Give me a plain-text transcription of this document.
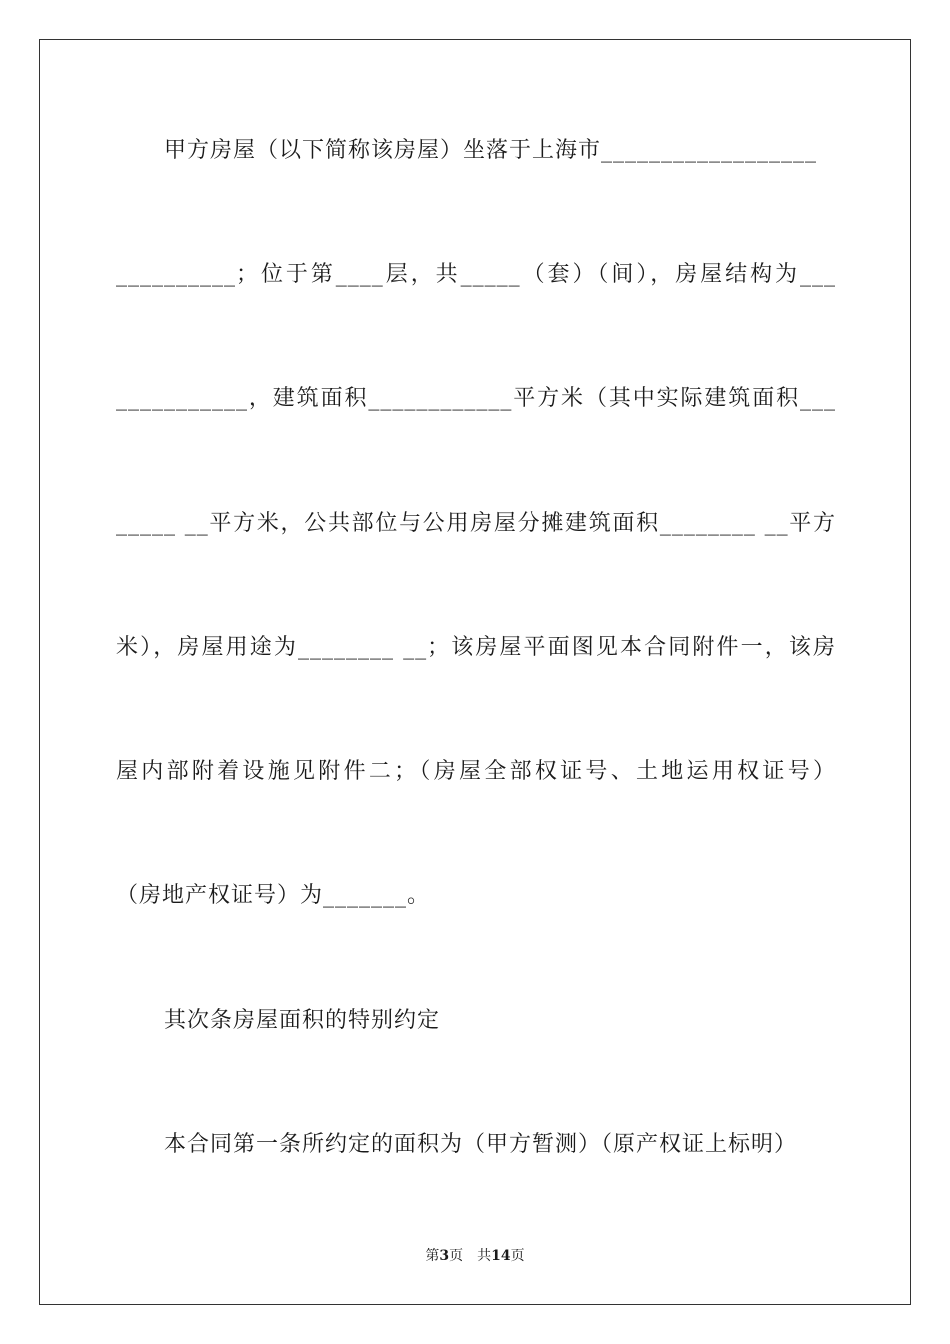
甲方房屋（以下简称该房屋）坐落于上海市__________________
__________；位于第____层，共_____（套）（间），房屋结构为___
___________，建筑面积____________平方米（其中实际建筑面积___
_____ __平方米，公共部位与公用房屋分摊建筑面积________ __平方
米），房屋用途为________ __；该房屋平面图见本合同附件一，该房
屋内部附着设施见附件二；（房屋全部权证号、土地运用权证号）
（房地产权证号）为_______。
其次条房屋面积的特别约定
本合同第一条所约定的面积为（甲方暂测）（原产权证上标明）
第3页 共14页
